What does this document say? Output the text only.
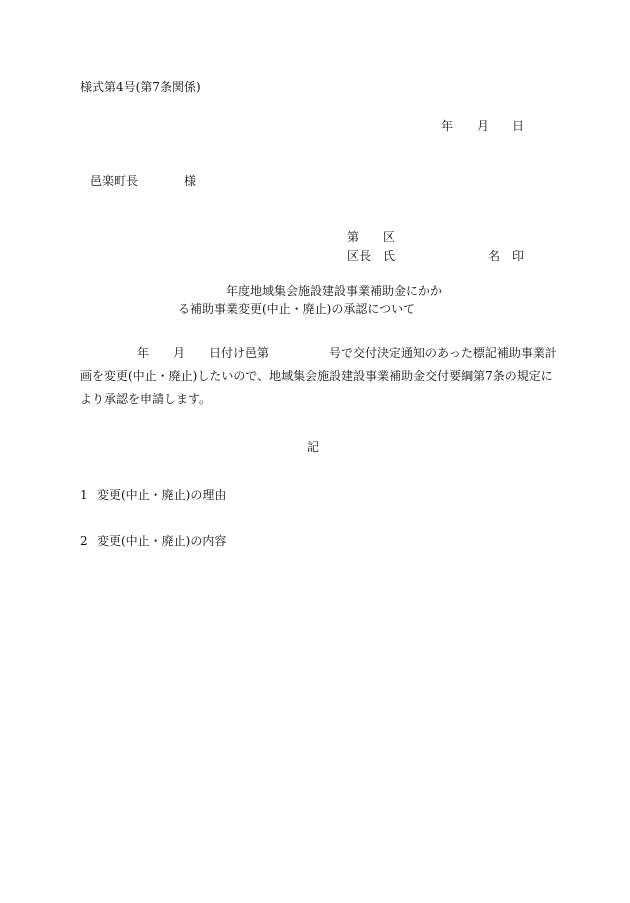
様式第4号(第7条関係)
年 月 日
邑楽町長	様
第　　区
区長　氏	名　印
年度地域集会施設建設事業補助金にかか
る補助事業変更(中止・廃止)の承認について
年　　月　　日付け邑第　　　　　号で交付決定通知のあった標記補助事業計
画を変更(中止・廃止)したいので、地域集会施設建設事業補助金交付要綱第7条の規定に
より承認を申請します。
記
1 変更(中止・廃止)の理由
2 変更(中止・廃止)の内容
